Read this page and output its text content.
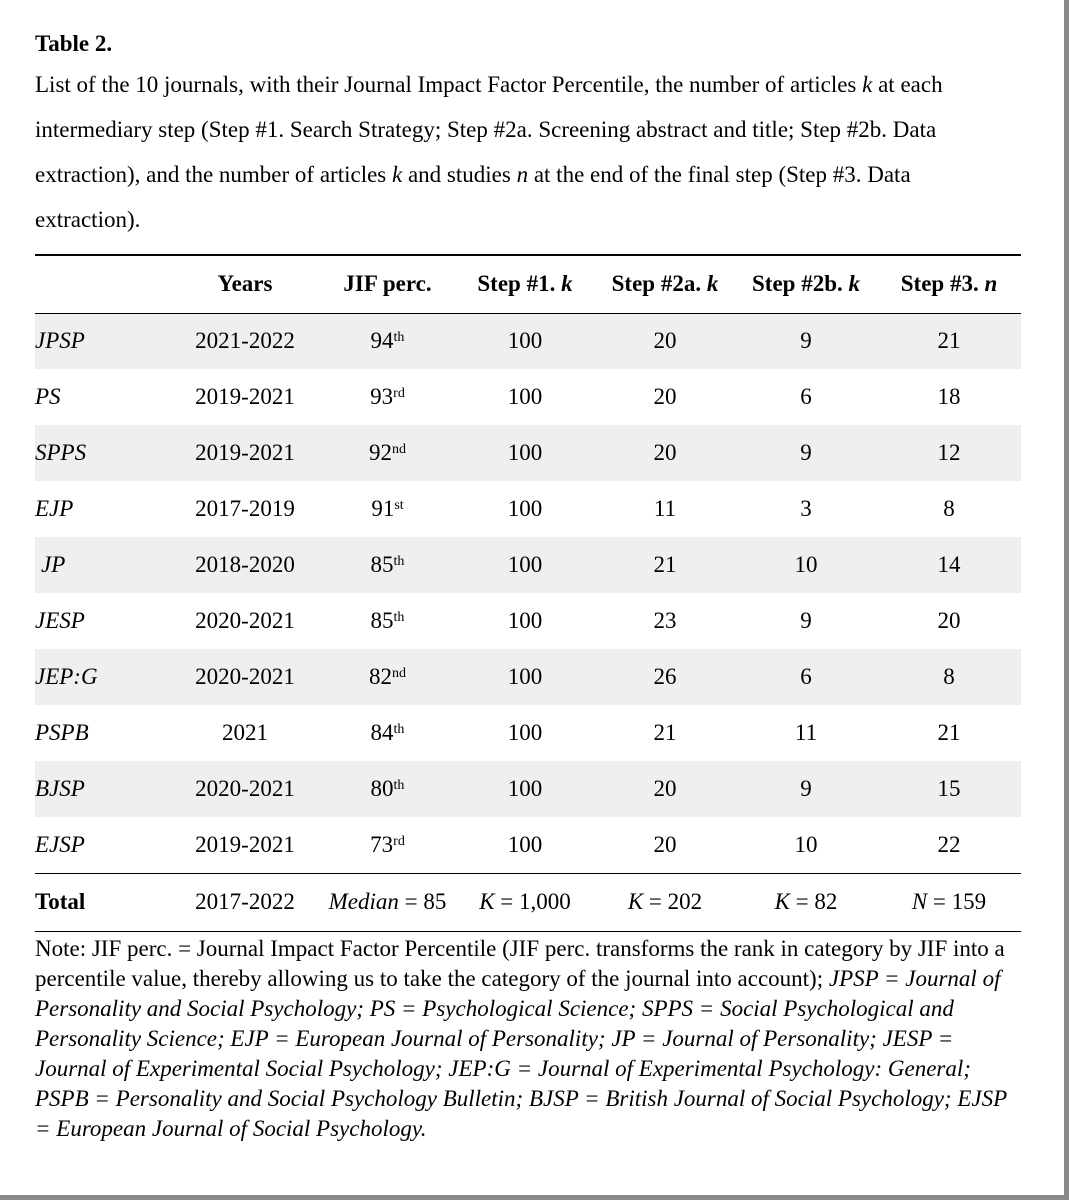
Table 2.
List of the 10 journals, with their Journal Impact Factor Percentile, the number of articles k at each intermediary step (Step #1. Search Strategy; Step #2a. Screening abstract and title; Step #2b. Data extraction), and the number of articles k and studies n at the end of the final step (Step #3. Data extraction).
	Years	JIF perc.	Step #1. k	Step #2a. k	Step #2b. k	Step #3. n
JPSP	2021-2022	94th	100	20	9	21
PS	2019-2021	93rd	100	20	6	18
SPPS	2019-2021	92nd	100	20	9	12
EJP	2017-2019	91st	100	11	3	8
JP	2018-2020	85th	100	21	10	14
JESP	2020-2021	85th	100	23	9	20
JEP:G	2020-2021	82nd	100	26	6	8
PSPB	2021	84th	100	21	11	21
BJSP	2020-2021	80th	100	20	9	15
EJSP	2019-2021	73rd	100	20	10	22
Total	2017-2022	Median = 85	K = 1,000	K = 202	K = 82	N = 159
Note: JIF perc. = Journal Impact Factor Percentile (JIF perc. transforms the rank in category by JIF into a percentile value, thereby allowing us to take the category of the journal into account); JPSP = Journal of Personality and Social Psychology; PS = Psychological Science; SPPS = Social Psychological and Personality Science; EJP = European Journal of Personality; JP = Journal of Personality; JESP = Journal of Experimental Social Psychology; JEP:G = Journal of Experimental Psychology: General; PSPB = Personality and Social Psychology Bulletin; BJSP = British Journal of Social Psychology; EJSP = European Journal of Social Psychology.
